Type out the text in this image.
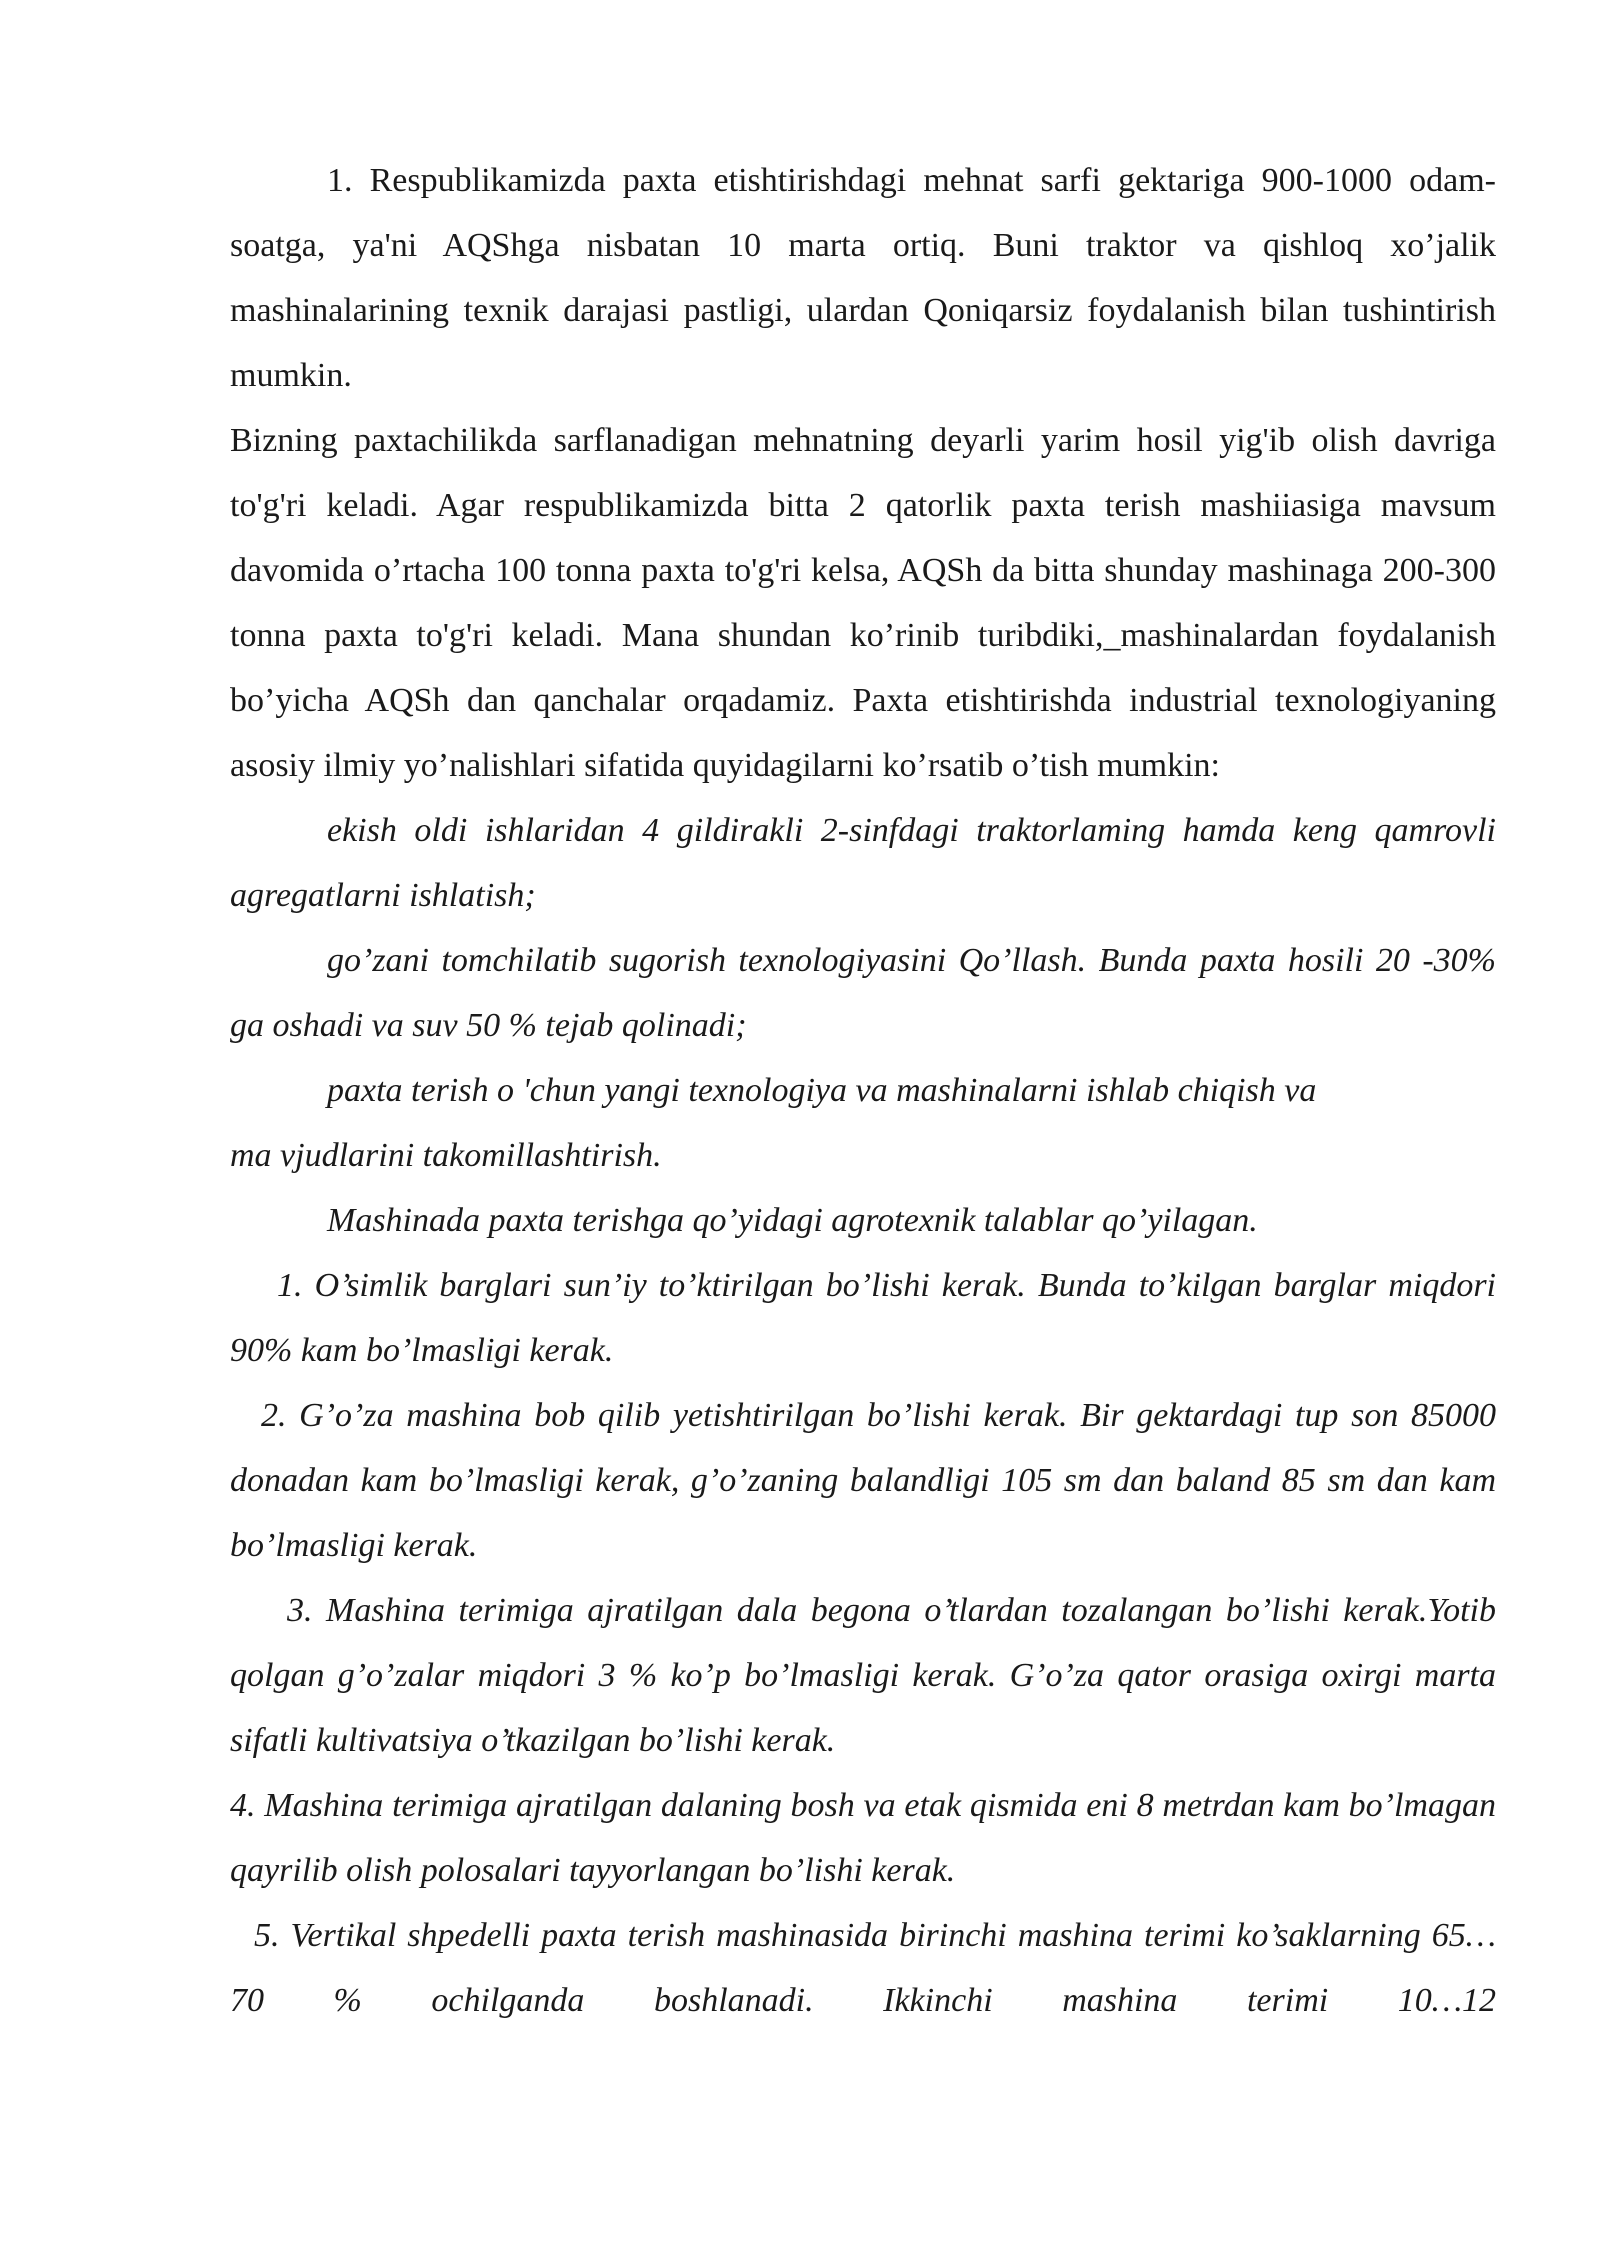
1. Respublikamizda paxta etishtirishdagi mehnat sarfi gektariga 900-1000 odam-soatga, ya'ni AQShga nisbatan 10 marta ortiq. Buni traktor va qishloq xo’jalik mashinalarining texnik darajasi pastligi, ulardan Qoniqarsiz foydalanish bilan tushintirish mumkin.

Bizning paxtachilikda sarflanadigan mehnatning deyarli yarim hosil yig'ib olish davriga to'g'ri keladi. Agar respublikamizda bitta 2 qatorlik paxta terish mashiiasiga mavsum davomida o’rtacha 100 tonna paxta to'g'ri kelsa, AQSh da bitta shunday mashinaga 200-300 tonna paxta to'g'ri keladi. Mana shundan ko’rinib turibdiki,_mashinalardan foydalanish bo’yicha AQSh dan qanchalar orqadamiz. Paxta etishtirishda industrial texnologiyaning asosiy ilmiy yo’nalishlari sifatida quyidagilarni ko’rsatib o’tish mumkin:

ekish oldi ishlaridan 4 gildirakli 2-sinfdagi traktorlaming hamda keng qamrovli agregatlarni ishlatish;

go’zani tomchilatib sugorish texnologiyasini Qo’llash. Bunda paxta hosili 20 -30% ga oshadi va suv 50 % tejab qolinadi;

paxta terish o 'chun yangi texnologiya va mashinalarni ishlab chiqish va
ma vjudlarini takomillashtirish.

Mashinada paxta terishga qo’yidagi agrotexnik talablar qo’yilagan.

1. O’simlik barglari sun’iy to’ktirilgan bo’lishi kerak. Bunda to’kilgan barglar miqdori 90% kam bo’lmasligi kerak.

2. G’o’za mashina bob qilib yetishtirilgan bo’lishi kerak. Bir gektardagi tup son 85000 donadan kam bo’lmasligi kerak, g’o’zaning balandligi 105 sm dan baland 85 sm dan kam bo’lmasligi kerak.

3. Mashina terimiga ajratilgan dala begona o’tlardan tozalangan bo’lishi kerak.Yotib qolgan g’o’zalar miqdori 3 % ko’p bo’lmasligi kerak. G’o’za qator orasiga oxirgi marta sifatli kultivatsiya o’tkazilgan bo’lishi kerak.

4. Mashina terimiga ajratilgan dalaning bosh va etak qismida eni 8 metrdan kam bo’lmagan qayrilib olish polosalari tayyorlangan bo’lishi kerak.

5. Vertikal shpedelli paxta terish mashinasida birinchi mashina terimi ko’saklarning 65…70 % ochilganda boshlanadi. Ikkinchi mashina terimi 10…12
